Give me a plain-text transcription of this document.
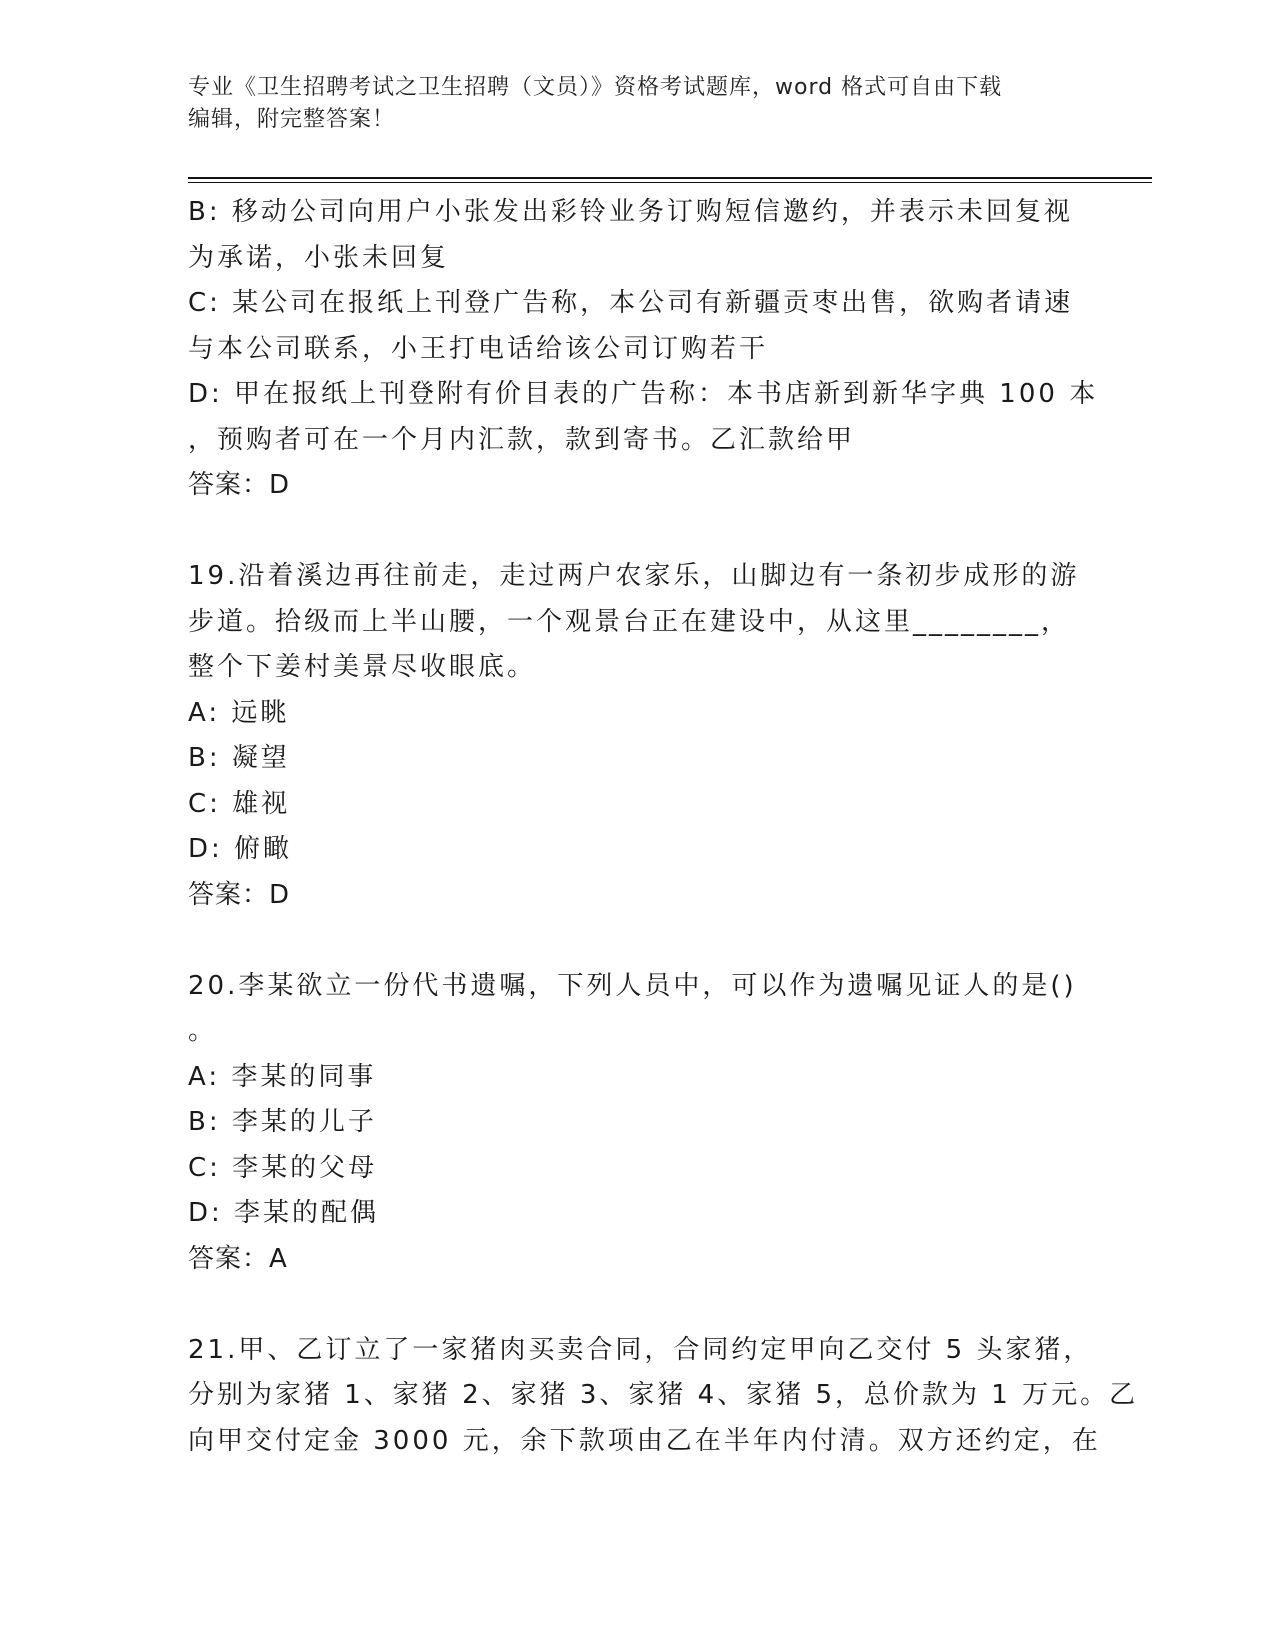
专业《卫生招聘考试之卫生招聘（文员）》资格考试题库，word 格式可自由下载
编辑，附完整答案！
B: 移动公司向用户小张发出彩铃业务订购短信邀约，并表示未回复视
为承诺，小张未回复
C: 某公司在报纸上刊登广告称，本公司有新疆贡枣出售，欲购者请速
与本公司联系，小王打电话给该公司订购若干
D: 甲在报纸上刊登附有价目表的广告称：本书店新到新华字典 100 本
，预购者可在一个月内汇款，款到寄书。乙汇款给甲
答案：D
19.沿着溪边再往前走，走过两户农家乐，山脚边有一条初步成形的游
步道。拾级而上半山腰，一个观景台正在建设中，从这里________，
整个下姜村美景尽收眼底。
A: 远眺
B: 凝望
C: 雄视
D: 俯瞰
答案：D
20.李某欲立一份代书遗嘱，下列人员中，可以作为遗嘱见证人的是()
。
A: 李某的同事
B: 李某的儿子
C: 李某的父母
D: 李某的配偶
答案：A
21.甲、乙订立了一家猪肉买卖合同，合同约定甲向乙交付 5 头家猪，
分别为家猪 1、家猪 2、家猪 3、家猪 4、家猪 5，总价款为 1 万元。乙
向甲交付定金 3000 元，余下款项由乙在半年内付清。双方还约定，在
